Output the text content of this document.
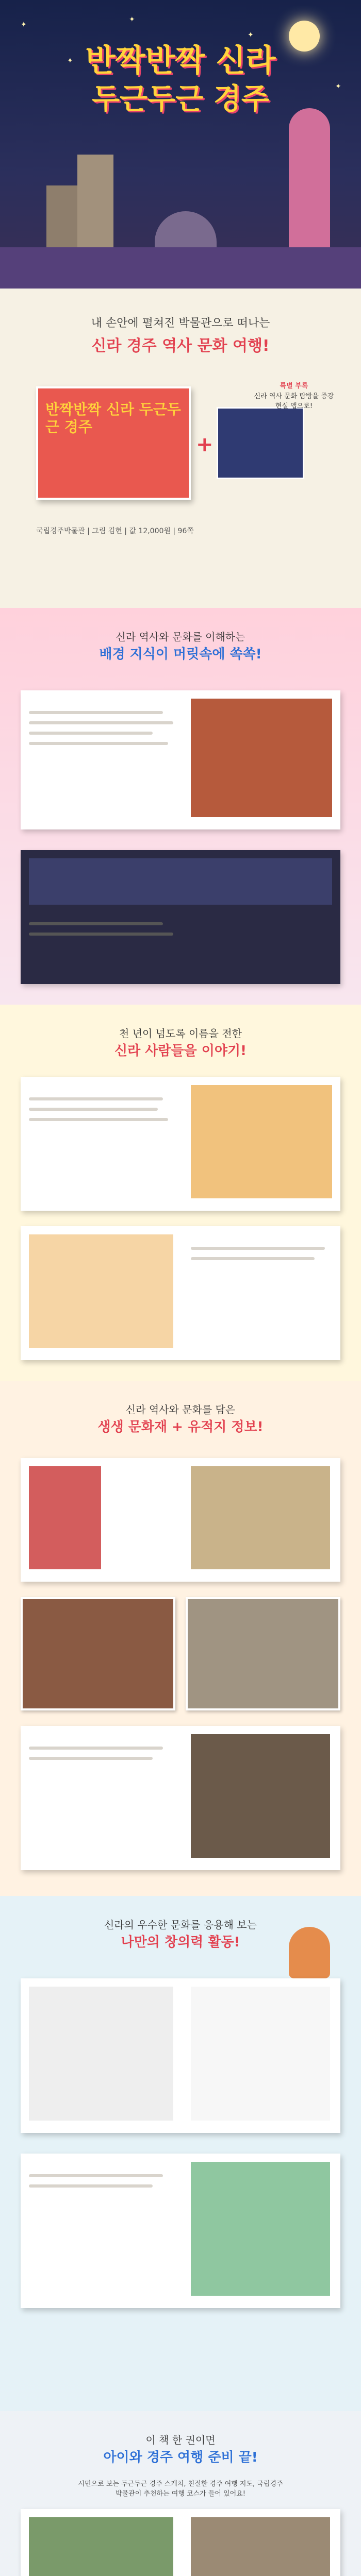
✦
✦
✦
✦
✦
반짝반짝 신라
두근두근 경주
내 손안에 펼쳐진 박물관으로 떠나는
신라 경주 역사 문화 여행!
반짝반짝 신라 두근두근 경주
+
특별 부록
신라 역사 문화 탐방을 증강현실 앱으로!
국립경주박물관 | 그림 김현 | 값 12,000원 | 96쪽
신라 역사와 문화를 이해하는
배경 지식이 머릿속에 쏙쏙!
천 년이 넘도록 이름을 전한
신라 사람들을 이야기!
신라 역사와 문화를 담은
생생 문화재 + 유적지 정보!
신라의 우수한 문화를 응용해 보는
나만의 창의력 활동!
이 책 한 권이면
아이와 경주 여행 준비 끝!
시민으로 보는 두근두근 경주 스케치, 친절한 경주 여행 지도, 국립경주박물관이 추천하는 여행 코스가 들어 있어요!
